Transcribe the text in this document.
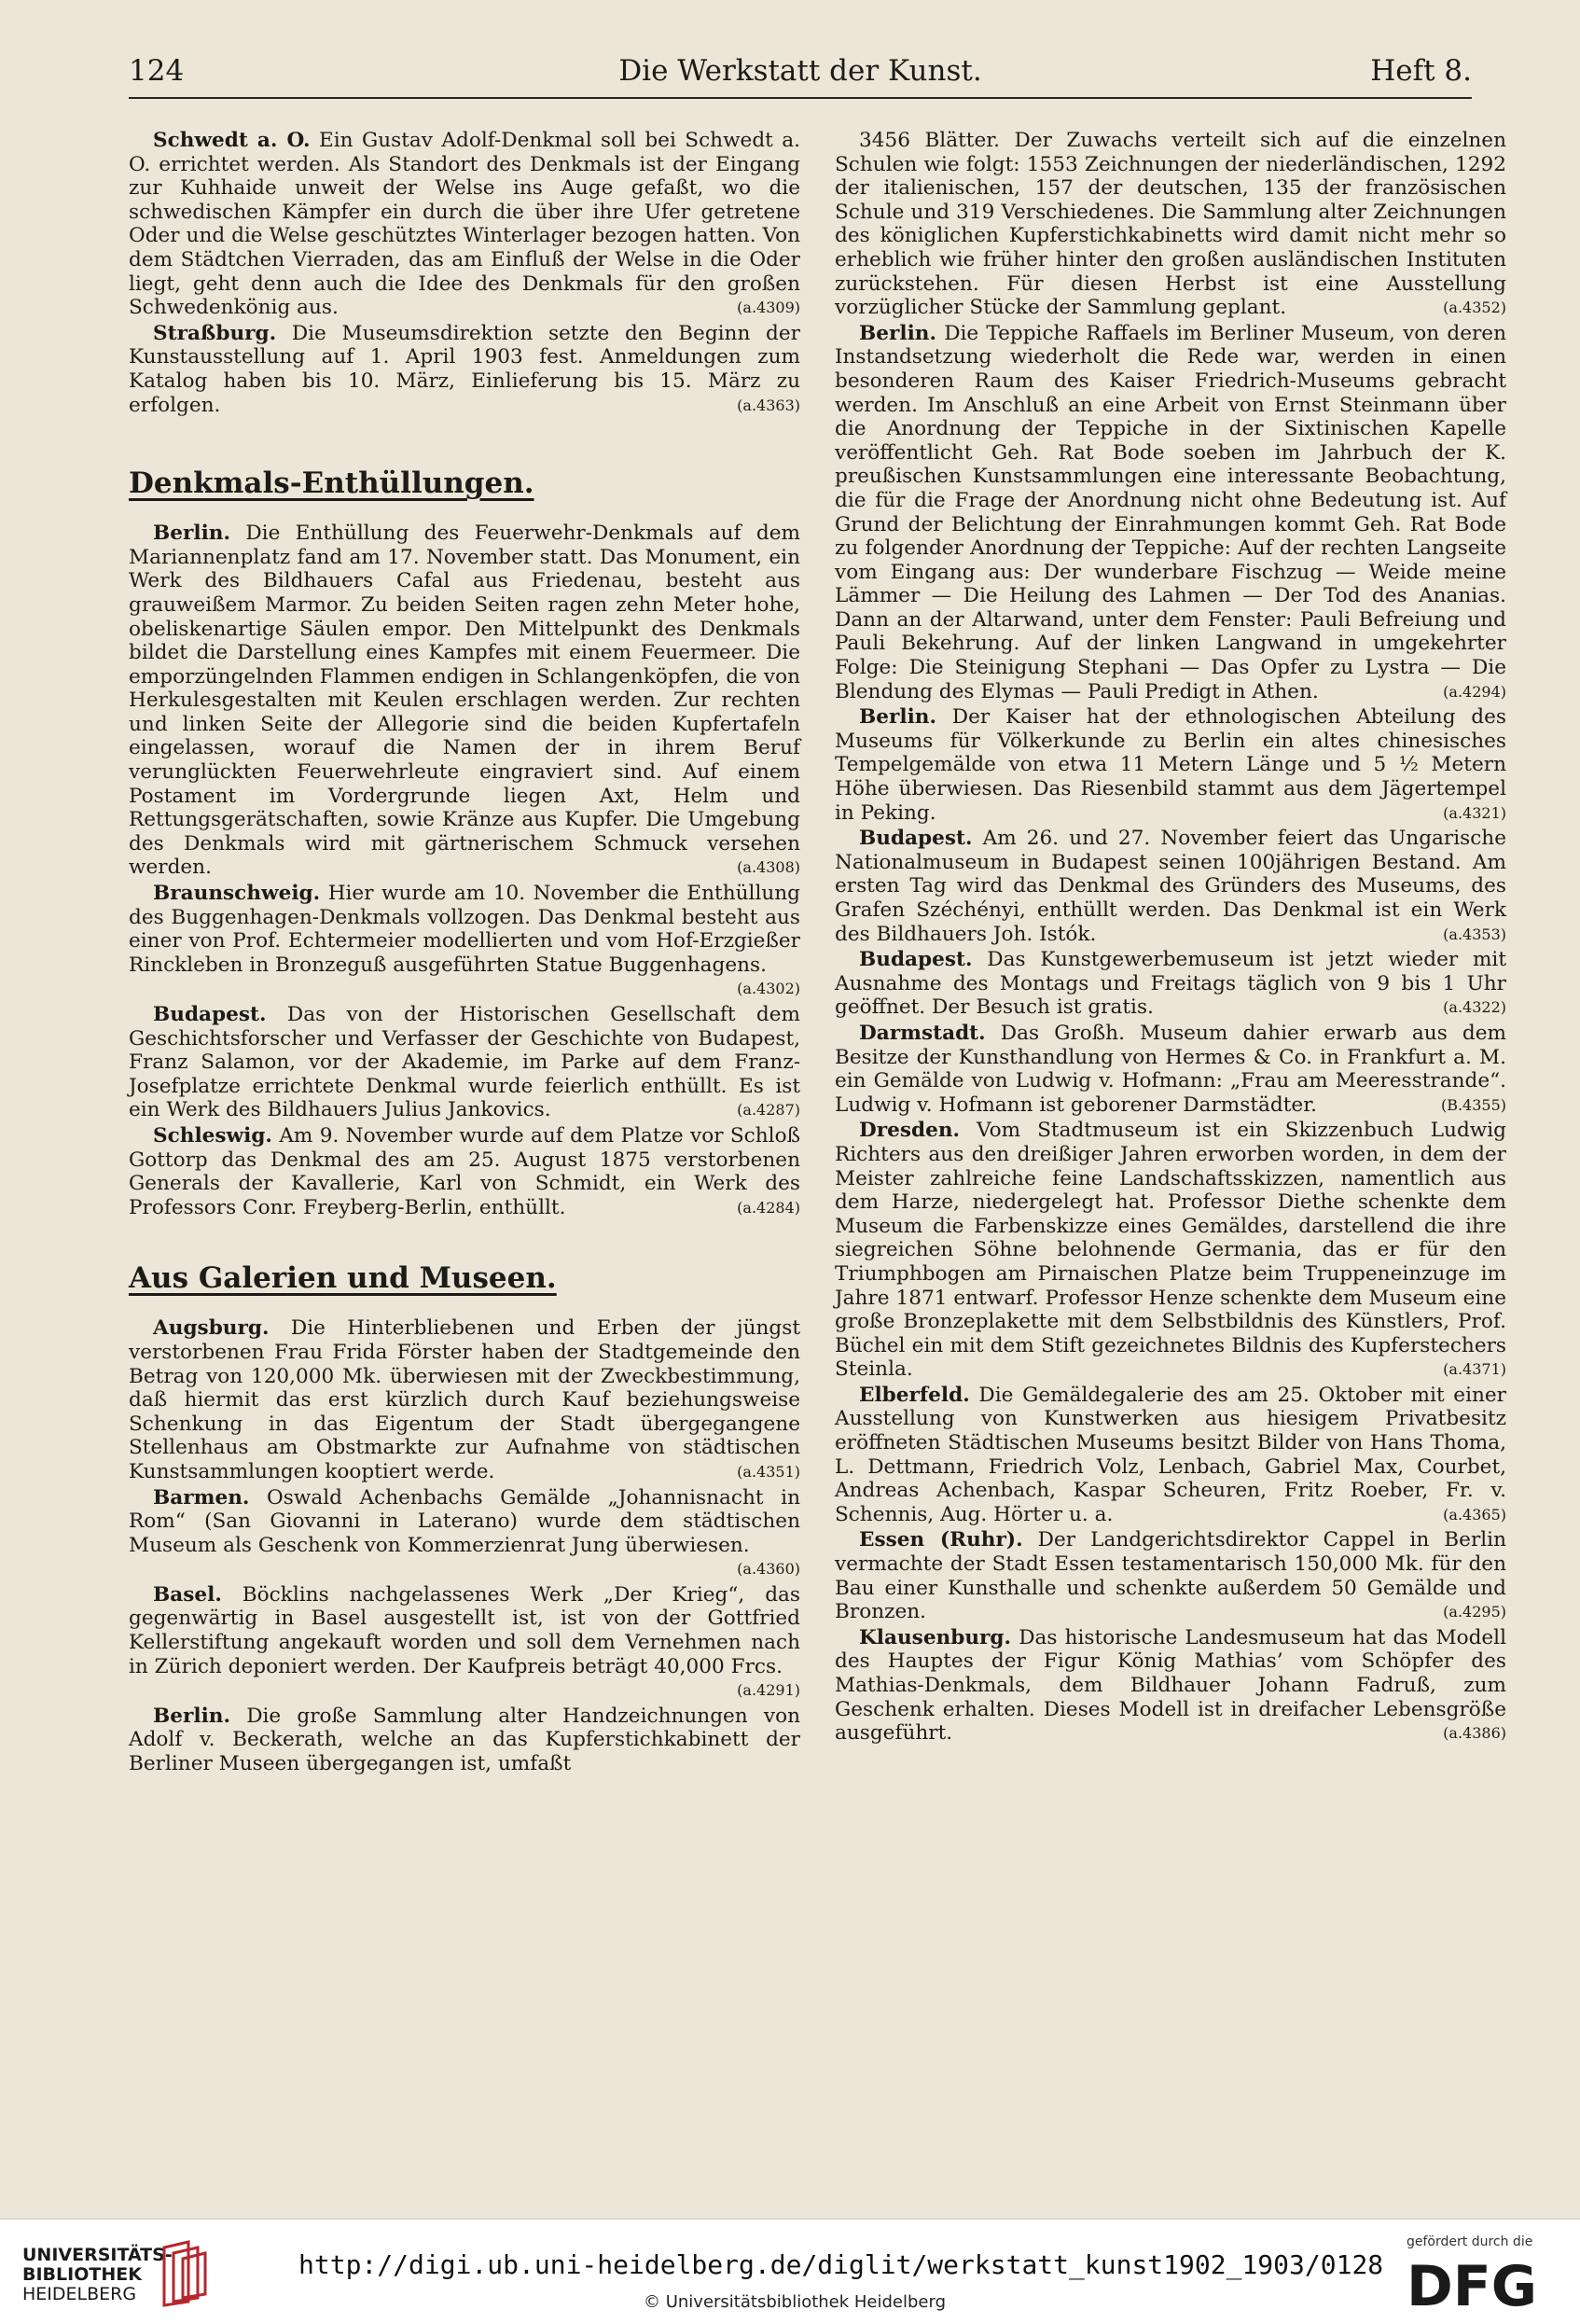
124	Die Werkstatt der Kunst.	Heft 8.

Schwedt a. O. Ein Gustav Adolf-Denkmal soll bei Schwedt a. O. errichtet werden. Als Standort des Denkmals ist der Eingang zur Kuhhaide unweit der Welse ins Auge gefaßt, wo die schwedischen Kämpfer ein durch die über ihre Ufer getretene Oder und die Welse geschütztes Winterlager bezogen hatten. Von dem Städtchen Vierraden, das am Einfluß der Welse in die Oder liegt, geht denn auch die Idee des Denkmals für den großen Schwedenkönig aus.	(a.4309)

Straßburg. Die Museumsdirektion setzte den Beginn der Kunstausstellung auf 1. April 1903 fest. Anmeldungen zum Katalog haben bis 10. März, Einlieferung bis 15. März zu erfolgen.	(a.4363)

Denkmals-Enthüllungen.

Berlin. Die Enthüllung des Feuerwehr-Denkmals auf dem Mariannenplatz fand am 17. November statt. Das Monument, ein Werk des Bildhauers Cafal aus Friedenau, besteht aus grauweißem Marmor. Zu beiden Seiten ragen zehn Meter hohe, obeliskenartige Säulen empor. Den Mittelpunkt des Denkmals bildet die Darstellung eines Kampfes mit einem Feuermeer. Die emporzüngelnden Flammen endigen in Schlangenköpfen, die von Herkulesgestalten mit Keulen erschlagen werden. Zur rechten und linken Seite der Allegorie sind die beiden Kupfertafeln eingelassen, worauf die Namen der in ihrem Beruf verunglückten Feuerwehrleute eingraviert sind. Auf einem Postament im Vordergrunde liegen Axt, Helm und Rettungsgerätschaften, sowie Kränze aus Kupfer. Die Umgebung des Denkmals wird mit gärtnerischem Schmuck versehen werden.	(a.4308)

Braunschweig. Hier wurde am 10. November die Enthüllung des Buggenhagen-Denkmals vollzogen. Das Denkmal besteht aus einer von Prof. Echtermeier modellierten und vom Hof-Erzgießer Rinckleben in Bronzeguß ausgeführten Statue Buggenhagens.
(a.4302)

Budapest. Das von der Historischen Gesellschaft dem Geschichtsforscher und Verfasser der Geschichte von Budapest, Franz Salamon, vor der Akademie, im Parke auf dem Franz-Josefplatze errichtete Denkmal wurde feierlich enthüllt. Es ist ein Werk des Bildhauers Julius Jankovics.	(a.4287)

Schleswig. Am 9. November wurde auf dem Platze vor Schloß Gottorp das Denkmal des am 25. August 1875 verstorbenen Generals der Kavallerie, Karl von Schmidt, ein Werk des Professors Conr. Freyberg-Berlin, enthüllt.	(a.4284)

Aus Galerien und Museen.

Augsburg. Die Hinterbliebenen und Erben der jüngst verstorbenen Frau Frida Förster haben der Stadtgemeinde den Betrag von 120,000 Mk. überwiesen mit der Zweckbestimmung, daß hiermit das erst kürzlich durch Kauf beziehungsweise Schenkung in das Eigentum der Stadt übergegangene Stellenhaus am Obstmarkte zur Aufnahme von städtischen Kunstsammlungen kooptiert werde.	(a.4351)

Barmen. Oswald Achenbachs Gemälde „Johannisnacht in Rom“ (San Giovanni in Laterano) wurde dem städtischen Museum als Geschenk von Kommerzienrat Jung überwiesen.
(a.4360)

Basel. Böcklins nachgelassenes Werk „Der Krieg“, das gegenwärtig in Basel ausgestellt ist, ist von der Gottfried Kellerstiftung angekauft worden und soll dem Vernehmen nach in Zürich deponiert werden. Der Kaufpreis beträgt 40,000 Frcs.
(a.4291)

Berlin. Die große Sammlung alter Handzeichnungen von Adolf v. Beckerath, welche an das Kupferstichkabinett der Berliner Museen übergegangen ist, umfaßt

3456 Blätter. Der Zuwachs verteilt sich auf die einzelnen Schulen wie folgt: 1553 Zeichnungen der niederländischen, 1292 der italienischen, 157 der deutschen, 135 der französischen Schule und 319 Verschiedenes. Die Sammlung alter Zeichnungen des königlichen Kupferstichkabinetts wird damit nicht mehr so erheblich wie früher hinter den großen ausländischen Instituten zurückstehen. Für diesen Herbst ist eine Ausstellung vorzüglicher Stücke der Sammlung geplant.	(a.4352)

Berlin. Die Teppiche Raffaels im Berliner Museum, von deren Instandsetzung wiederholt die Rede war, werden in einen besonderen Raum des Kaiser Friedrich-Museums gebracht werden. Im Anschluß an eine Arbeit von Ernst Steinmann über die Anordnung der Teppiche in der Sixtinischen Kapelle veröffentlicht Geh. Rat Bode soeben im Jahrbuch der K. preußischen Kunstsammlungen eine interessante Beobachtung, die für die Frage der Anordnung nicht ohne Bedeutung ist. Auf Grund der Belichtung der Einrahmungen kommt Geh. Rat Bode zu folgender Anordnung der Teppiche: Auf der rechten Langseite vom Eingang aus: Der wunderbare Fischzug — Weide meine Lämmer — Die Heilung des Lahmen — Der Tod des Ananias. Dann an der Altarwand, unter dem Fenster: Pauli Befreiung und Pauli Bekehrung. Auf der linken Langwand in umgekehrter Folge: Die Steinigung Stephani — Das Opfer zu Lystra — Die Blendung des Elymas — Pauli Predigt in Athen.	(a.4294)

Berlin. Der Kaiser hat der ethnologischen Abteilung des Museums für Völkerkunde zu Berlin ein altes chinesisches Tempelgemälde von etwa 11 Metern Länge und 5 ½ Metern Höhe überwiesen. Das Riesenbild stammt aus dem Jägertempel in Peking.	(a.4321)

Budapest. Am 26. und 27. November feiert das Ungarische Nationalmuseum in Budapest seinen 100jährigen Bestand. Am ersten Tag wird das Denkmal des Gründers des Museums, des Grafen Széchényi, enthüllt werden. Das Denkmal ist ein Werk des Bildhauers Joh. Istók.	(a.4353)

Budapest. Das Kunstgewerbemuseum ist jetzt wieder mit Ausnahme des Montags und Freitags täglich von 9 bis 1 Uhr geöffnet. Der Besuch ist gratis.	(a.4322)

Darmstadt. Das Großh. Museum dahier erwarb aus dem Besitze der Kunsthandlung von Hermes & Co. in Frankfurt a. M. ein Gemälde von Ludwig v. Hofmann: „Frau am Meeresstrande“. Ludwig v. Hofmann ist geborener Darmstädter.	(B.4355)

Dresden. Vom Stadtmuseum ist ein Skizzenbuch Ludwig Richters aus den dreißiger Jahren erworben worden, in dem der Meister zahlreiche feine Landschaftsskizzen, namentlich aus dem Harze, niedergelegt hat. Professor Diethe schenkte dem Museum die Farbenskizze eines Gemäldes, darstellend die ihre siegreichen Söhne belohnende Germania, das er für den Triumphbogen am Pirnaischen Platze beim Truppeneinzuge im Jahre 1871 entwarf. Professor Henze schenkte dem Museum eine große Bronzeplakette mit dem Selbstbildnis des Künstlers, Prof. Büchel ein mit dem Stift gezeichnetes Bildnis des Kupferstechers Steinla.	(a.4371)

Elberfeld. Die Gemäldegalerie des am 25. Oktober mit einer Ausstellung von Kunstwerken aus hiesigem Privatbesitz eröffneten Städtischen Museums besitzt Bilder von Hans Thoma, L. Dettmann, Friedrich Volz, Lenbach, Gabriel Max, Courbet, Andreas Achenbach, Kaspar Scheuren, Fritz Roeber, Fr. v. Schennis, Aug. Hörter u. a.	(a.4365)

Essen (Ruhr). Der Landgerichtsdirektor Cappel in Berlin vermachte der Stadt Essen testamentarisch 150,000 Mk. für den Bau einer Kunsthalle und schenkte außerdem 50 Gemälde und Bronzen.	(a.4295)

Klausenburg. Das historische Landesmuseum hat das Modell des Hauptes der Figur König Mathias’ vom Schöpfer des Mathias-Denkmals, dem Bildhauer Johann Fadruß, zum Geschenk erhalten. Dieses Modell ist in dreifacher Lebensgröße ausgeführt.	(a.4386)

UNIVERSITÄTS-
BIBLIOTHEK
HEIDELBERG
http://digi.ub.uni-heidelberg.de/diglit/werkstatt_kunst1902_1903/0128
© Universitätsbibliothek Heidelberg
gefördert durch die
DFG
